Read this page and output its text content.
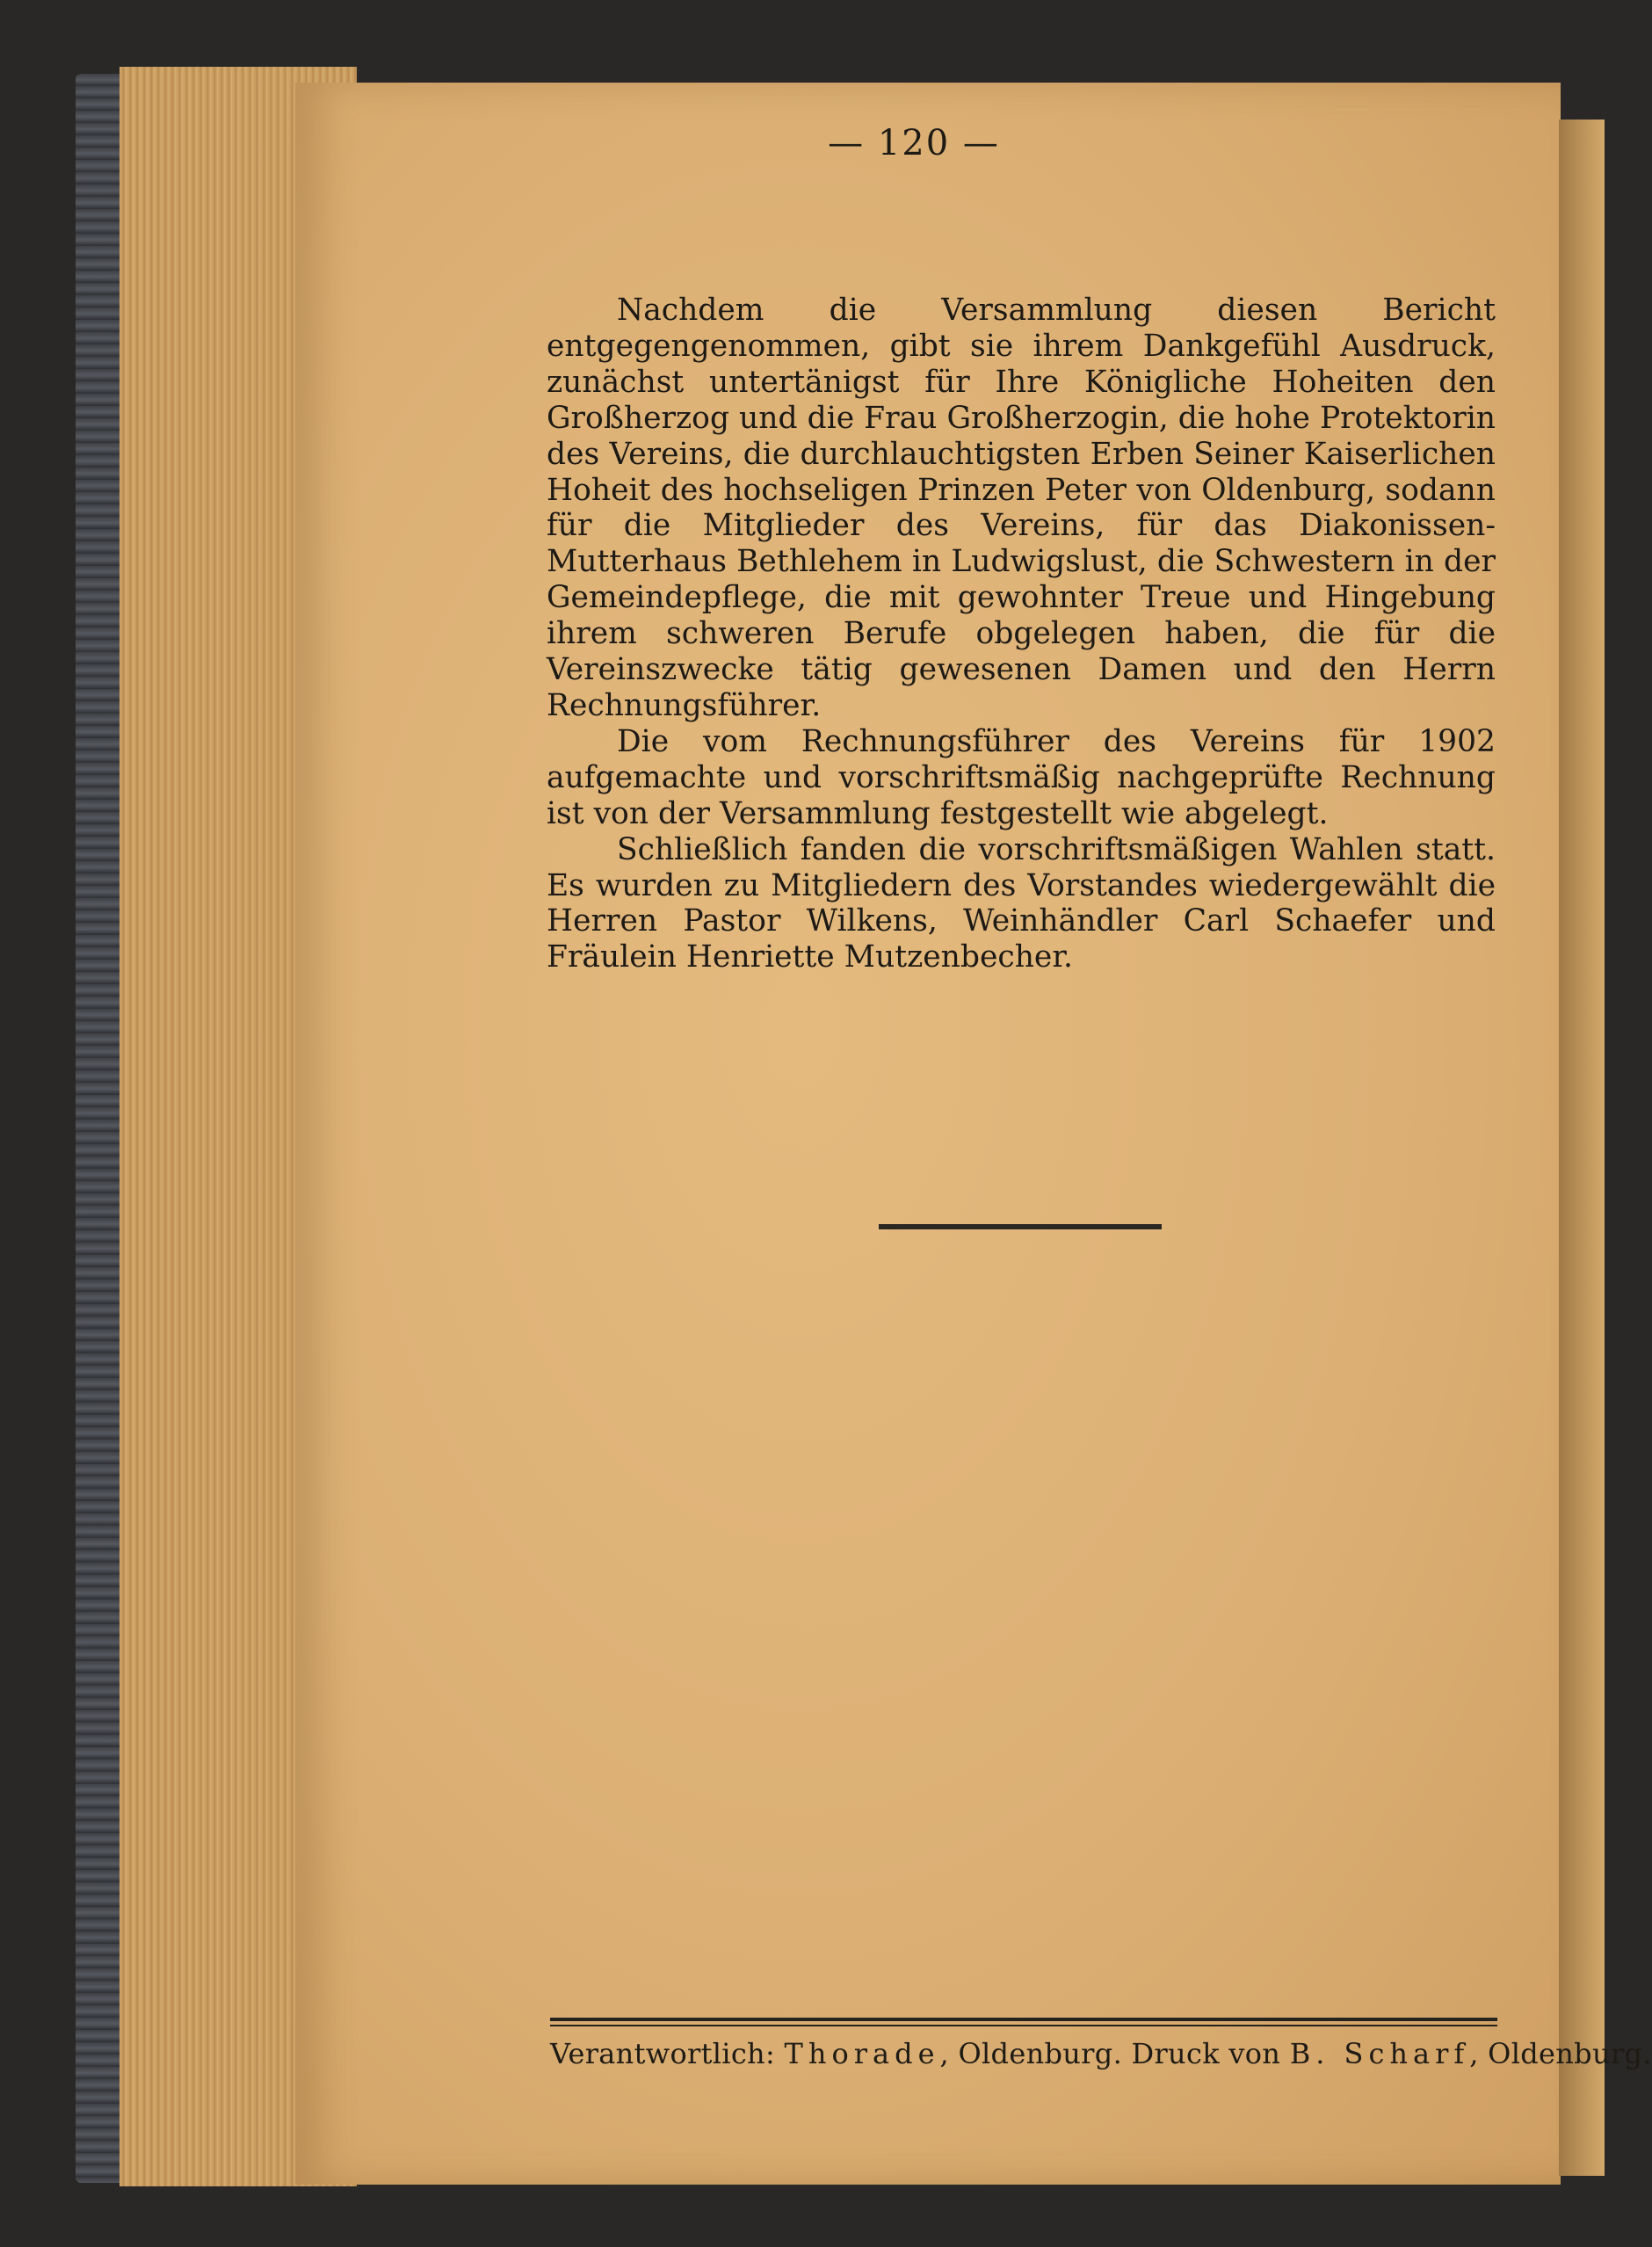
— 120 —

Nachdem die Versammlung diesen Bericht entgegengenommen, gibt sie ihrem Dankgefühl Ausdruck, zunächst untertänigst für Ihre Königliche Hoheiten den Großherzog und die Frau Großherzogin, die hohe Protektorin des Vereins, die durchlauchtigsten Erben Seiner Kaiserlichen Hoheit des hochseligen Prinzen Peter von Oldenburg, sodann für die Mitglieder des Vereins, für das Diakonissen-Mutterhaus Bethlehem in Ludwigslust, die Schwestern in der Gemeindepflege, die mit gewohnter Treue und Hingebung ihrem schweren Berufe obgelegen haben, die für die Vereinszwecke tätig gewesenen Damen und den Herrn Rechnungsführer.

Die vom Rechnungsführer des Vereins für 1902 aufgemachte und vorschriftsmäßig nachgeprüfte Rechnung ist von der Versammlung festgestellt wie abgelegt.

Schließlich fanden die vorschriftsmäßigen Wahlen statt. Es wurden zu Mitgliedern des Vorstandes wiedergewählt die Herren Pastor Wilkens, Weinhändler Carl Schaefer und Fräulein Henriette Mutzenbecher.

Verantwortlich: Thorade, Oldenburg. Druck von B. Scharf, Oldenburg.
